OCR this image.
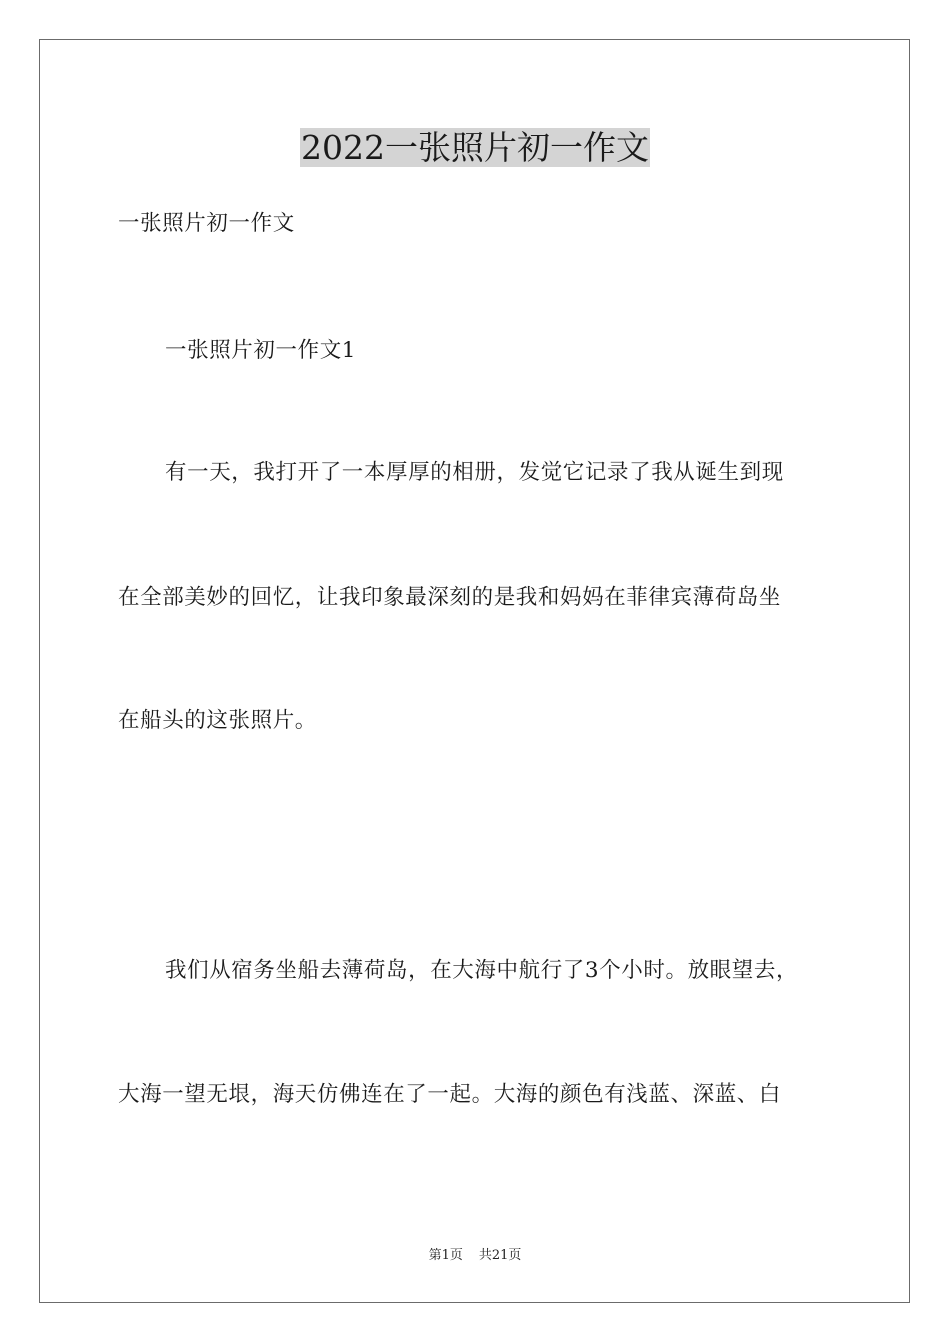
2022一张照片初一作文

一张照片初一作文

一张照片初一作文1

有一天，我打开了一本厚厚的相册，发觉它记录了我从诞生到现

在全部美妙的回忆，让我印象最深刻的是我和妈妈在菲律宾薄荷岛坐

在船头的这张照片。

我们从宿务坐船去薄荷岛，在大海中航行了3个小时。放眼望去，

大海一望无垠，海天仿佛连在了一起。大海的颜色有浅蓝、深蓝、白

第1页 共21页
